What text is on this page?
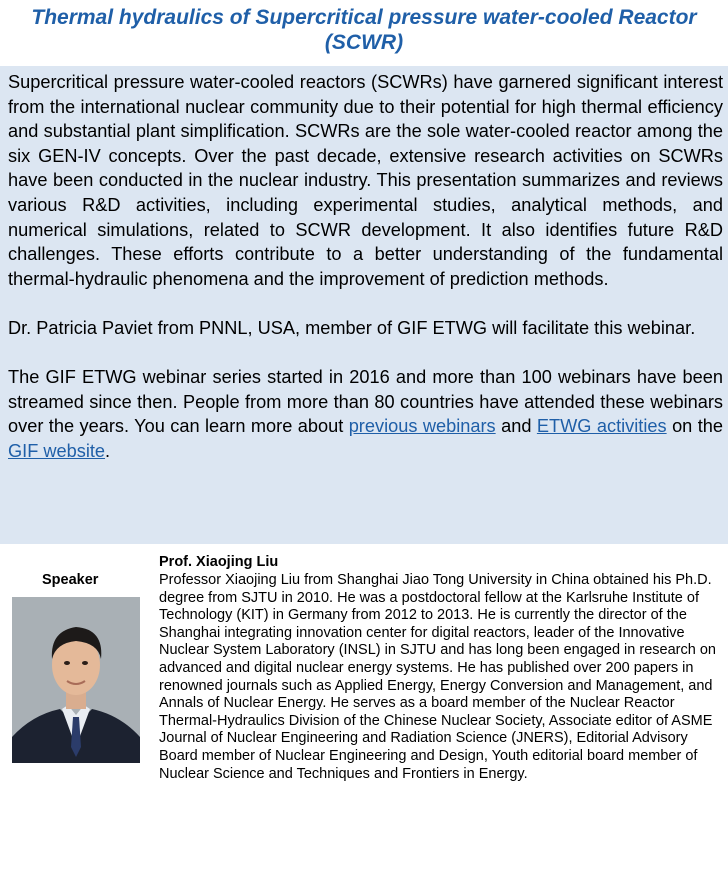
Thermal hydraulics of Supercritical pressure water-cooled Reactor (SCWR)

Supercritical pressure water-cooled reactors (SCWRs) have garnered significant interest from the international nuclear community due to their potential for high thermal efficiency and substantial plant simplification. SCWRs are the sole water-cooled reactor among the six GEN-IV concepts. Over the past decade, extensive research activities on SCWRs have been conducted in the nuclear industry. This presentation summarizes and reviews various R&D activities, including experimental studies, analytical methods, and numerical simulations, related to SCWR development. It also identifies future R&D challenges. These efforts contribute to a better understanding of the fundamental thermal-hydraulic phenomena and the improvement of prediction methods.

Dr. Patricia Paviet from PNNL, USA, member of GIF ETWG will facilitate this webinar.

The GIF ETWG webinar series started in 2016 and more than 100 webinars have been streamed since then. People from more than 80 countries have attended these webinars over the years. You can learn more about previous webinars and ETWG activities on the GIF website.

Speaker
Prof. Xiaojing Liu
Professor Xiaojing Liu from Shanghai Jiao Tong University in China obtained his Ph.D. degree from SJTU in 2010. He was a postdoctoral fellow at the Karlsruhe Institute of Technology (KIT) in Germany from 2012 to 2013. He is currently the director of the Shanghai integrating innovation center for digital reactors, leader of the Innovative Nuclear System Laboratory (INSL) in SJTU and has long been engaged in research on advanced and digital nuclear energy systems. He has published over 200 papers in renowned journals such as Applied Energy, Energy Conversion and Management, and Annals of Nuclear Energy. He serves as a board member of the Nuclear Reactor Thermal-Hydraulics Division of the Chinese Nuclear Society, Associate editor of ASME Journal of Nuclear Engineering and Radiation Science (JNERS), Editorial Advisory Board member of Nuclear Engineering and Design, Youth editorial board member of Nuclear Science and Techniques and Frontiers in Energy.
